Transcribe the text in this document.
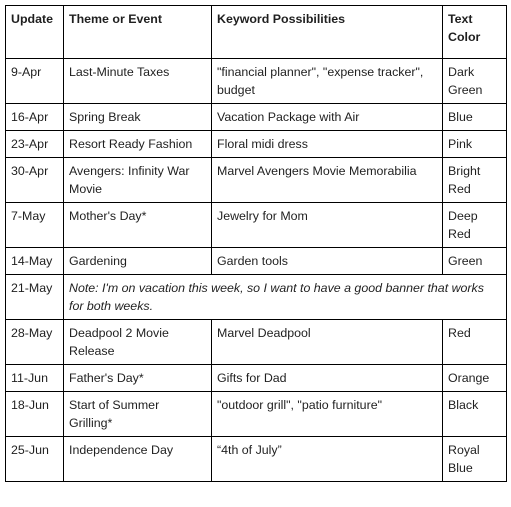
Update	Theme or Event	Keyword Possibilities	Text Color
9-Apr	Last-Minute Taxes	"financial planner", "expense tracker", budget	Dark Green
16-Apr	Spring Break	Vacation Package with Air	Blue
23-Apr	Resort Ready Fashion	Floral midi dress	Pink
30-Apr	Avengers: Infinity War Movie	Marvel Avengers Movie Memorabilia	Bright Red
7-May	Mother's Day*	Jewelry for Mom	Deep Red
14-May	Gardening	Garden tools	Green
21-May	Note: I'm on vacation this week, so I want to have a good banner that works for both weeks.		
28-May	Deadpool 2 Movie Release	Marvel Deadpool	Red
11-Jun	Father's Day*	Gifts for Dad	Orange
18-Jun	Start of Summer Grilling*	"outdoor grill", "patio furniture"	Black
25-Jun	Independence Day	“4th of July”	Royal Blue
